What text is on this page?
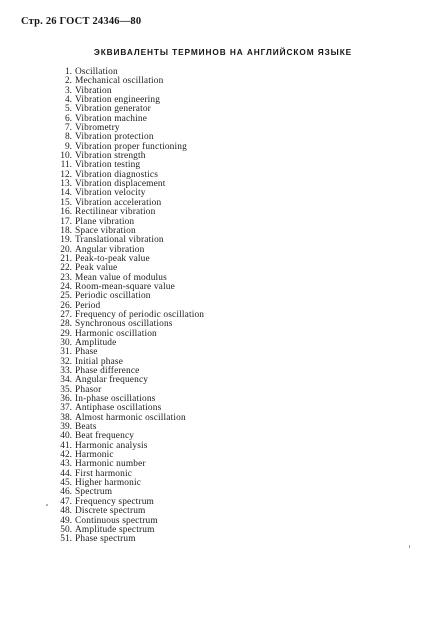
Стр. 26 ГОСТ 24346—80
ЭКВИВАЛЕНТЫ ТЕРМИНОВ НА АНГЛИЙСКОМ ЯЗЫКЕ
1. Oscillation
2. Mechanical oscillation
3. Vibration
4. Vibration engineering
5. Vibration generator
6. Vibration machine
7. Vibrometry
8. Vibration protection
9. Vibration proper functioning
10. Vibration strength
11. Vibration testing
12. Vibration diagnostics
13. Vibration displacement
14. Vibration velocity
15. Vibration acceleration
16. Rectilinear vibration
17. Plane vibration
18. Space vibration
19. Translational vibration
20. Angular vibration
21. Peak-to-peak value
22. Peak value
23. Mean value of modulus
24. Room-mean-square value
25. Periodic oscillation
26. Period
27. Frequency of periodic oscillation
28. Synchronous oscillations
29. Harmonic oscillation
30. Amplitude
31. Phase
32. Initial phase
33. Phase difference
34. Angular frequency
35. Phasor
36. In-phase oscillations
37. Antiphase oscillations
38. Almost harmonic oscillation
39. Beats
40. Beat frequency
41. Harmonic analysis
42. Harmonic
43. Harmonic number
44. First harmonic
45. Higher harmonic
46. Spectrum
47. Frequency spectrum
48. Discrete spectrum
49. Continuous spectrum
50. Amplitude spectrum
51. Phase spectrum
